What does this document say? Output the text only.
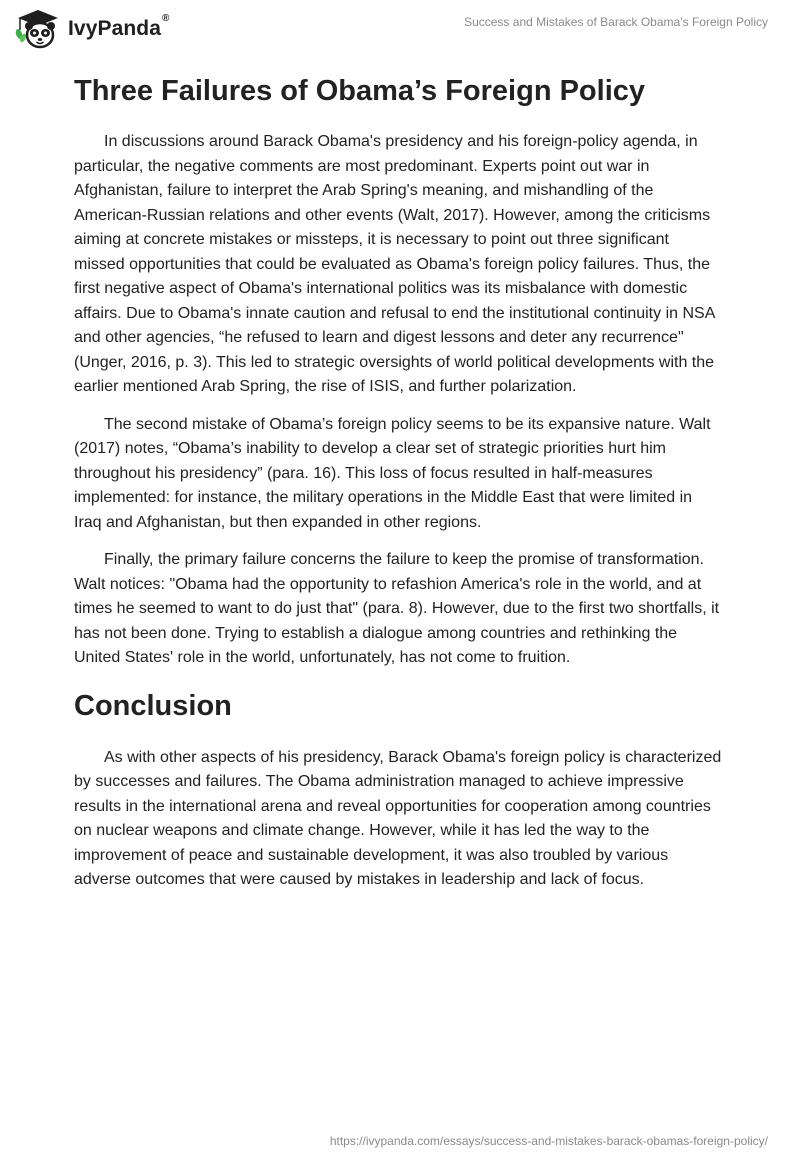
IvyPanda®	Success and Mistakes of Barack Obama’s Foreign Policy
Three Failures of Obama’s Foreign Policy

In discussions around Barack Obama's presidency and his foreign-policy agenda, in particular, the negative comments are most predominant. Experts point out war in Afghanistan, failure to interpret the Arab Spring's meaning, and mishandling of the American-Russian relations and other events (Walt, 2017). However, among the criticisms aiming at concrete mistakes or missteps, it is necessary to point out three significant missed opportunities that could be evaluated as Obama's foreign policy failures. Thus, the first negative aspect of Obama's international politics was its misbalance with domestic affairs. Due to Obama's innate caution and refusal to end the institutional continuity in NSA and other agencies, “he refused to learn and digest lessons and deter any recurrence" (Unger, 2016, p. 3). This led to strategic oversights of world political developments with the earlier mentioned Arab Spring, the rise of ISIS, and further polarization.

The second mistake of Obama’s foreign policy seems to be its expansive nature. Walt (2017) notes, “Obama’s inability to develop a clear set of strategic priorities hurt him throughout his presidency” (para. 16). This loss of focus resulted in half-measures implemented: for instance, the military operations in the Middle East that were limited in Iraq and Afghanistan, but then expanded in other regions.

Finally, the primary failure concerns the failure to keep the promise of transformation. Walt notices: "Obama had the opportunity to refashion America's role in the world, and at times he seemed to want to do just that" (para. 8). However, due to the first two shortfalls, it has not been done. Trying to establish a dialogue among countries and rethinking the United States' role in the world, unfortunately, has not come to fruition.

Conclusion

As with other aspects of his presidency, Barack Obama's foreign policy is characterized by successes and failures. The Obama administration managed to achieve impressive results in the international arena and reveal opportunities for cooperation among countries on nuclear weapons and climate change. However, while it has led the way to the improvement of peace and sustainable development, it was also troubled by various adverse outcomes that were caused by mistakes in leadership and lack of focus.

https://ivypanda.com/essays/success-and-mistakes-barack-obamas-foreign-policy/
